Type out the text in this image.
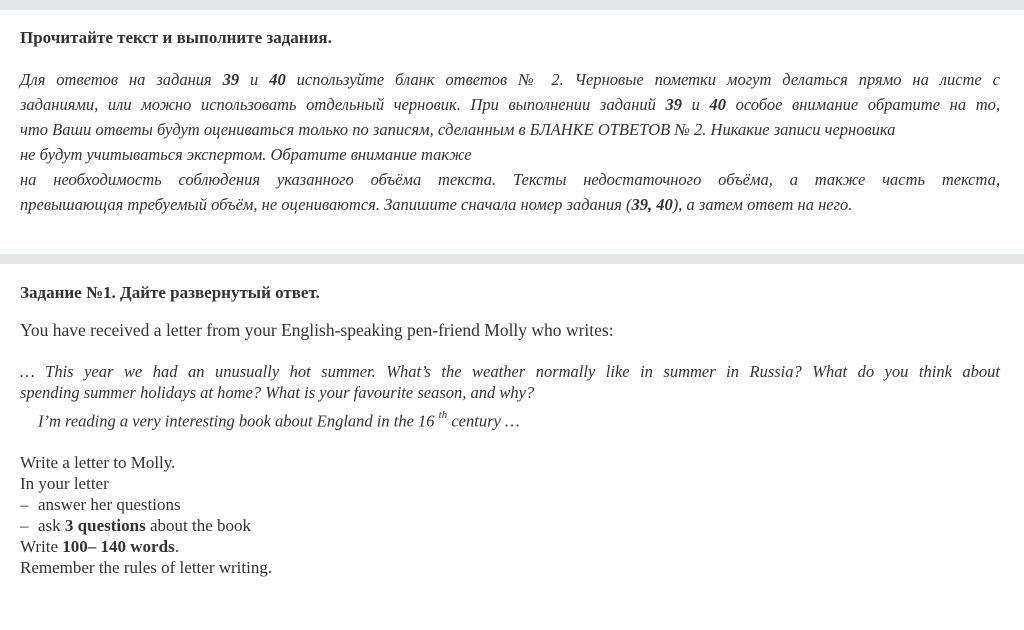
Прочитайте текст и выполните задания.

Для ответов на задания 39 и 40 используйте бланк ответов № 2. Черновые пометки могут делаться прямо на листе с
заданиями, или можно использовать отдельный черновик. При выполнении заданий 39 и 40 особое внимание обратите на то,
что Ваши ответы будут оцениваться только по записям, сделанным в БЛАНКЕ ОТВЕТОВ № 2. Никакие записи черновика
не будут учитываться экспертом. Обратите внимание также
на необходимость соблюдения указанного объёма текста. Тексты недостаточного объёма, а также часть текста,
превышающая требуемый объём, не оцениваются. Запишите сначала номер задания (39, 40), а затем ответ на него.

Задание №1. Дайте развернутый ответ.

You have received a letter from your English-speaking pen-friend Molly who writes:
… This year we had an unusually hot summer. What’s the weather normally like in summer in Russia? What do you think about
spending summer holidays at home? What is your favourite season, and why?
I’m reading a very interesting book about England in the 16 $^{th}$ century …
Write a letter to Molly.
In your letter
– answer her questions
– ask 3 questions about the book
Write 100– 140 words.
Remember the rules of letter writing.
